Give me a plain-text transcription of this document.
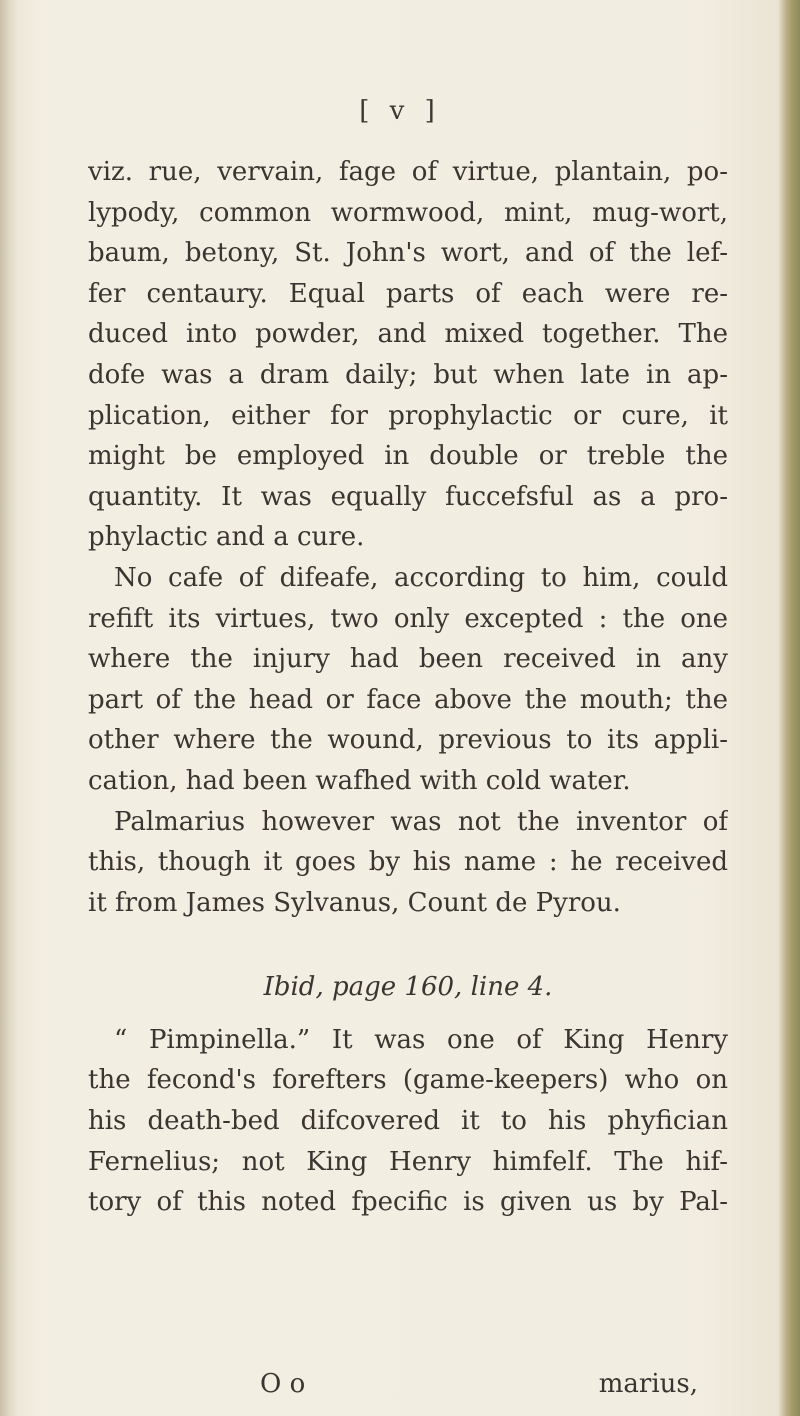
[ v ]
viz. rue, vervain, fage of virtue, plantain, po-
lypody, common wormwood, mint, mug-wort,
baum, betony, St. John's wort, and of the lef-
fer centaury. Equal parts of each were re-
duced into powder, and mixed together. The
dofe was a dram daily; but when late in ap-
plication, either for prophylactic or cure, it
might be employed in double or treble the
quantity. It was equally fuccefsful as a pro-
phylactic and a cure.
No cafe of difeafe, according to him, could
refift its virtues, two only excepted : the one
where the injury had been received in any
part of the head or face above the mouth; the
other where the wound, previous to its appli-
cation, had been wafhed with cold water.
Palmarius however was not the inventor of
this, though it goes by his name : he received
it from James Sylvanus, Count de Pyrou.
Ibid, page 160, line 4.
“ Pimpinella.” It was one of King Henry
the fecond's forefters (game-keepers) who on
his death-bed difcovered it to his phyfician
Fernelius; not King Henry himfelf. The hif-
tory of this noted fpecific is given us by Pal-
O o	marius,
